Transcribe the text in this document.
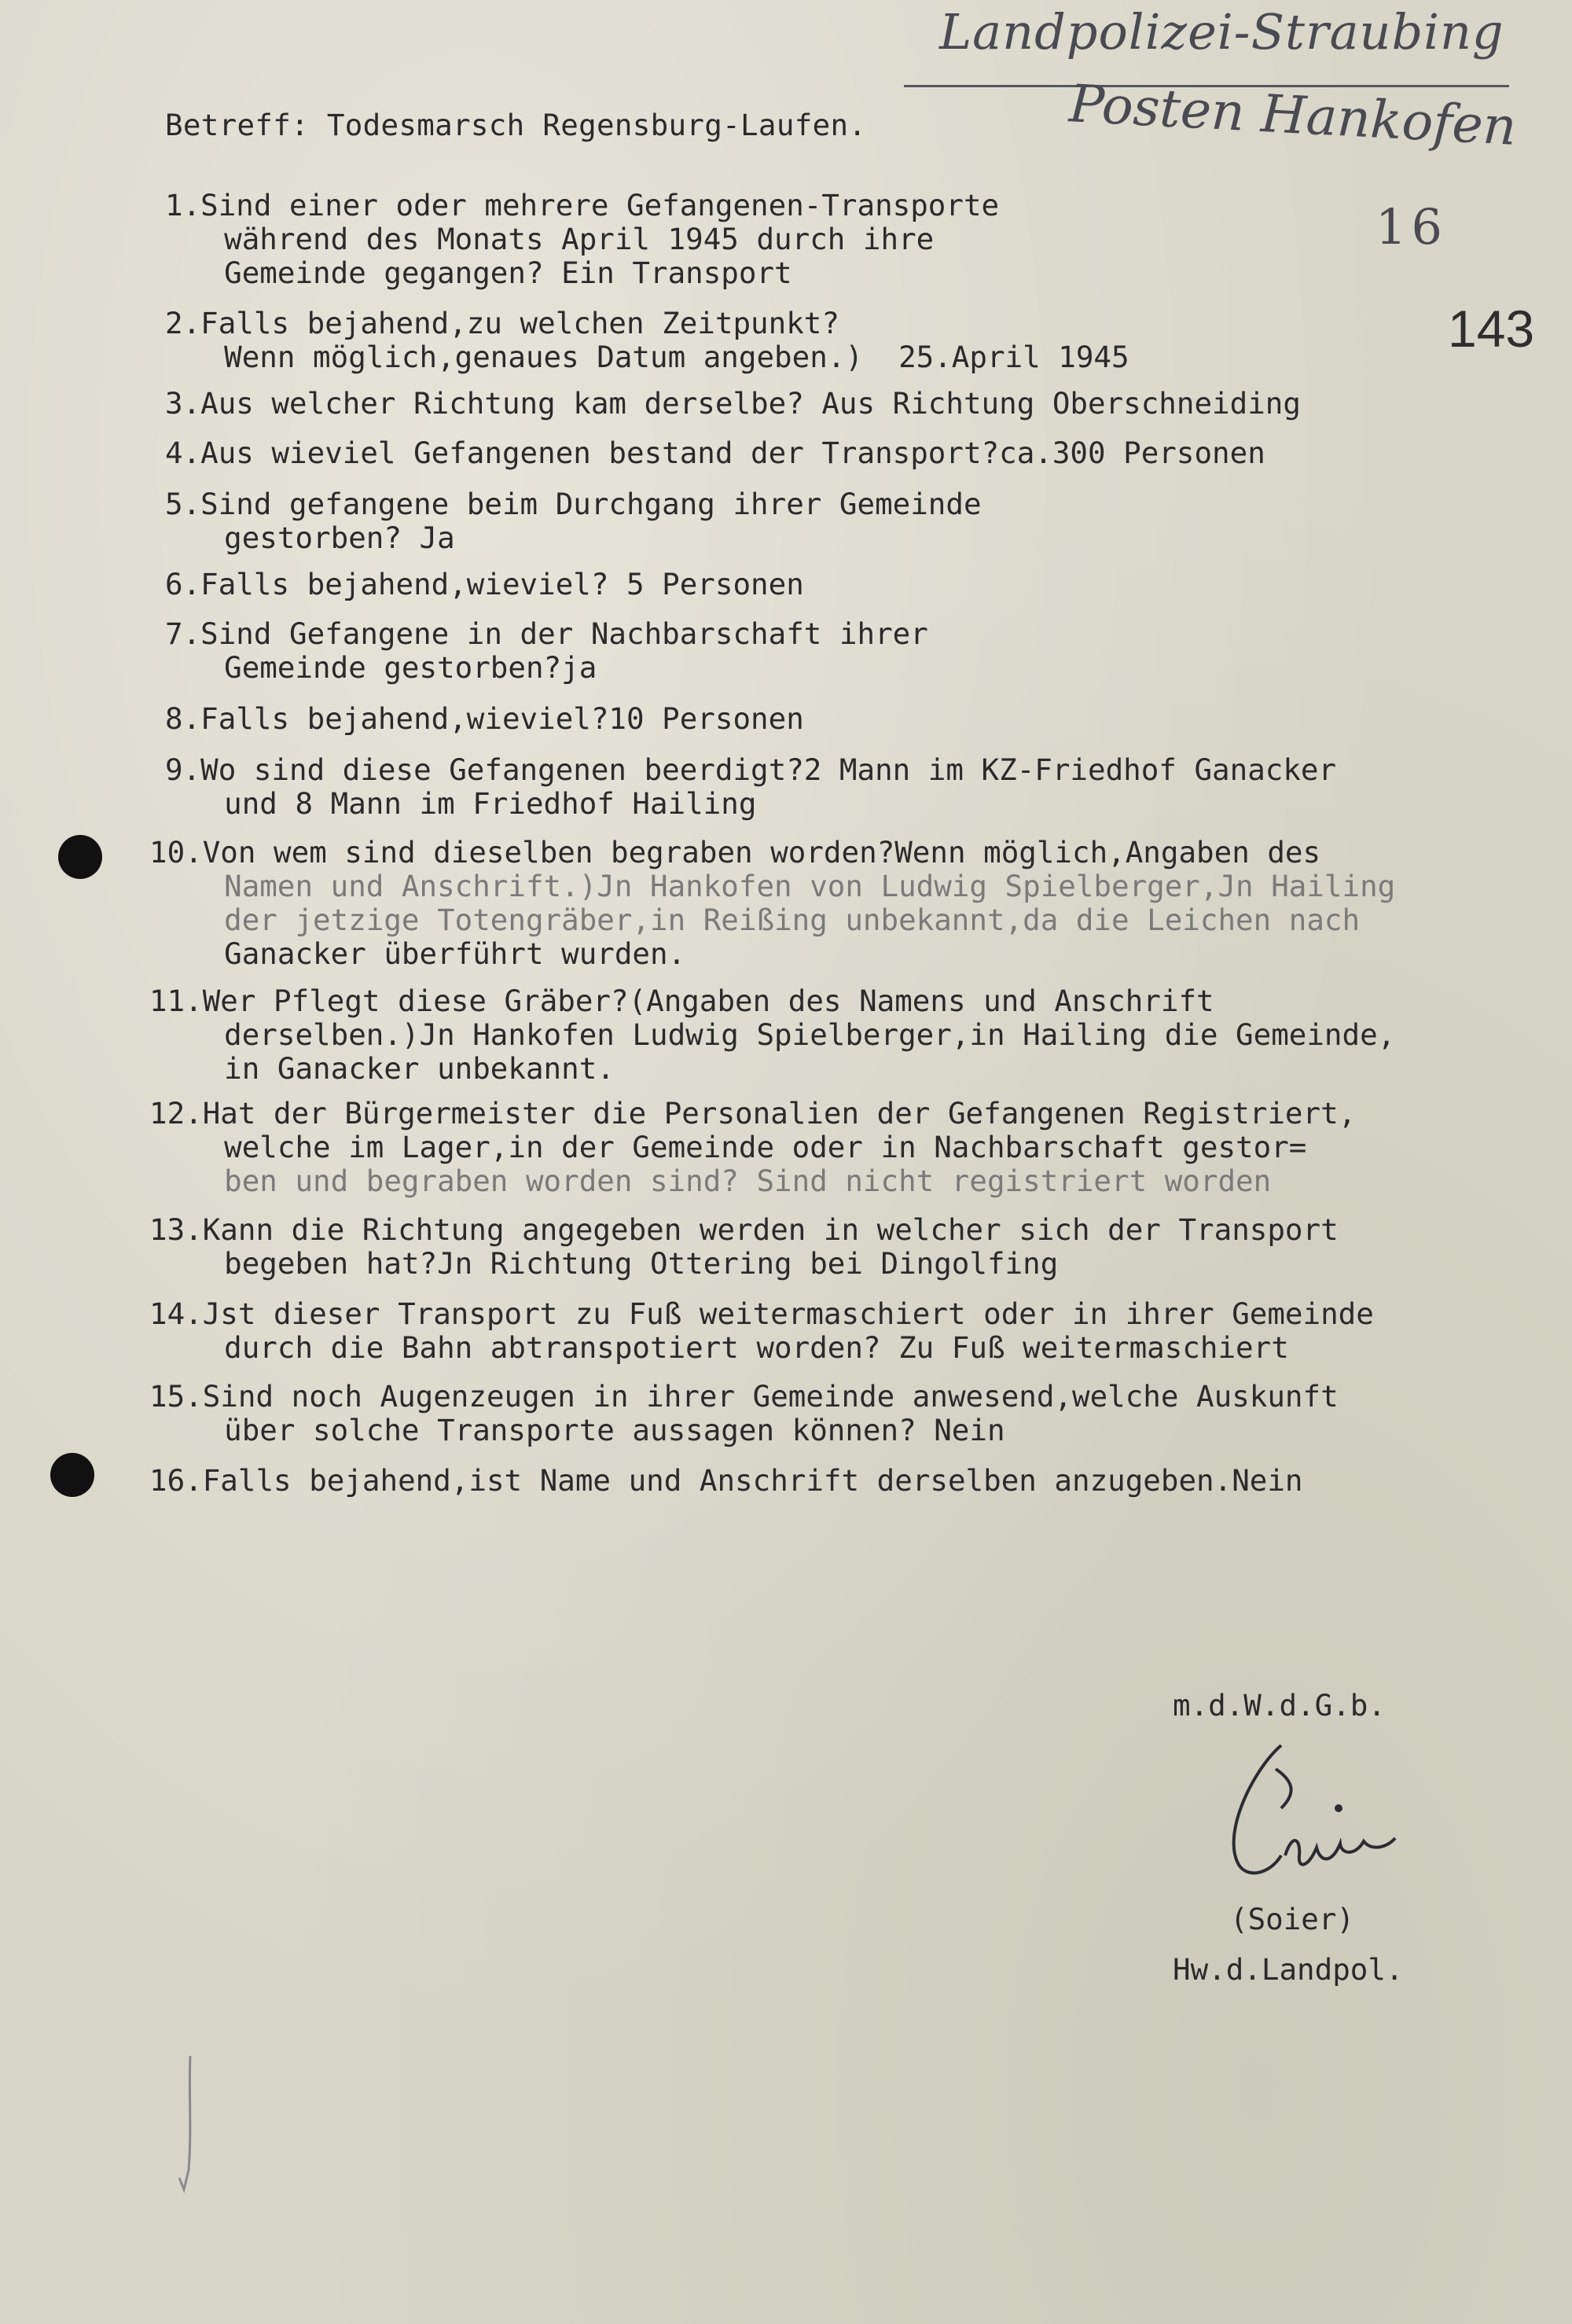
Landpolizei-Straubing
Posten Hankofen
16
143
Betreff: Todesmarsch Regensburg-Laufen.
1.Sind einer oder mehrere Gefangenen-Transporte
während des Monats April 1945 durch ihre
Gemeinde gegangen? Ein Transport
2.Falls bejahend,zu welchen Zeitpunkt?
Wenn möglich,genaues Datum angeben.)  25.April 1945
3.Aus welcher Richtung kam derselbe? Aus Richtung Oberschneiding
4.Aus wieviel Gefangenen bestand der Transport?ca.300 Personen
5.Sind gefangene beim Durchgang ihrer Gemeinde
gestorben? Ja
6.Falls bejahend,wieviel? 5 Personen
7.Sind Gefangene in der Nachbarschaft ihrer
Gemeinde gestorben?ja
8.Falls bejahend,wieviel?10 Personen
9.Wo sind diese Gefangenen beerdigt?2 Mann im KZ-Friedhof Ganacker
und 8 Mann im Friedhof Hailing
10.Von wem sind dieselben begraben worden?Wenn möglich,Angaben des
Namen und Anschrift.)Jn Hankofen von Ludwig Spielberger,Jn Hailing
der jetzige Totengräber,in Reißing unbekannt,da die Leichen nach
Ganacker überführt wurden.
11.Wer Pflegt diese Gräber?(Angaben des Namens und Anschrift
derselben.)Jn Hankofen Ludwig Spielberger,in Hailing die Gemeinde,
in Ganacker unbekannt.
12.Hat der Bürgermeister die Personalien der Gefangenen Registriert,
welche im Lager,in der Gemeinde oder in Nachbarschaft gestor=
ben und begraben worden sind? Sind nicht registriert worden
13.Kann die Richtung angegeben werden in welcher sich der Transport
begeben hat?Jn Richtung Ottering bei Dingolfing
14.Jst dieser Transport zu Fuß weitermaschiert oder in ihrer Gemeinde
durch die Bahn abtranspotiert worden? Zu Fuß weitermaschiert
15.Sind noch Augenzeugen in ihrer Gemeinde anwesend,welche Auskunft
über solche Transporte aussagen können? Nein
16.Falls bejahend,ist Name und Anschrift derselben anzugeben.Nein
m.d.W.d.G.b.
(Soier)
Hw.d.Landpol.
